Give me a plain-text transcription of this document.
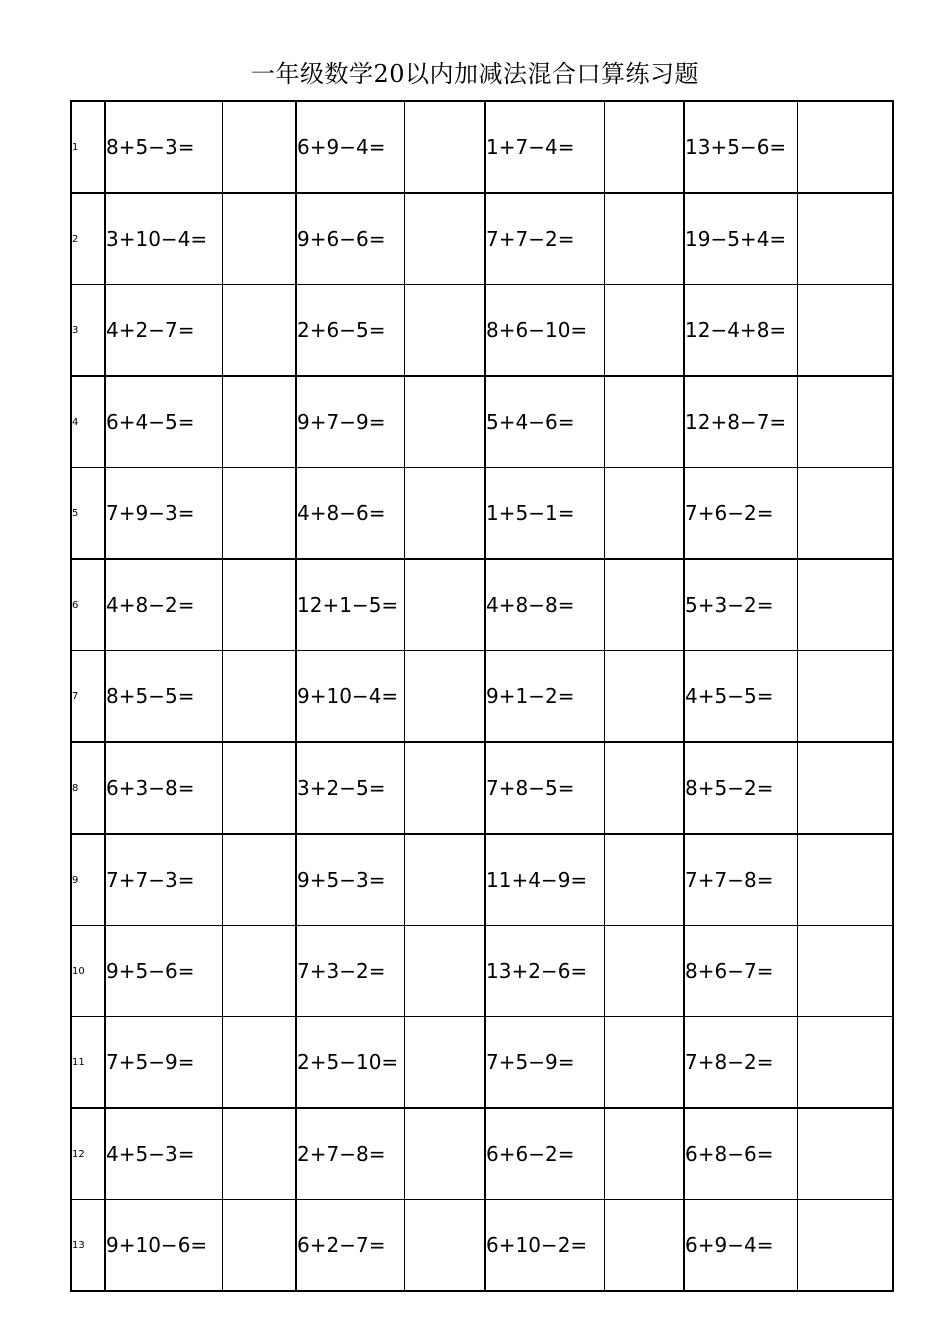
一年级数学20以内加减法混合口算练习题
1	8+5−3=		6+9−4=		1+7−4=		13+5−6=	
2	3+10−4=		9+6−6=		7+7−2=		19−5+4=	
3	4+2−7=		2+6−5=		8+6−10=		12−4+8=	
4	6+4−5=		9+7−9=		5+4−6=		12+8−7=	
5	7+9−3=		4+8−6=		1+5−1=		7+6−2=	
6	4+8−2=		12+1−5=		4+8−8=		5+3−2=	
7	8+5−5=		9+10−4=		9+1−2=		4+5−5=	
8	6+3−8=		3+2−5=		7+8−5=		8+5−2=	
9	7+7−3=		9+5−3=		11+4−9=		7+7−8=	
10	9+5−6=		7+3−2=		13+2−6=		8+6−7=	
11	7+5−9=		2+5−10=		7+5−9=		7+8−2=	
12	4+5−3=		2+7−8=		6+6−2=		6+8−6=	
13	9+10−6=		6+2−7=		6+10−2=		6+9−4=	
